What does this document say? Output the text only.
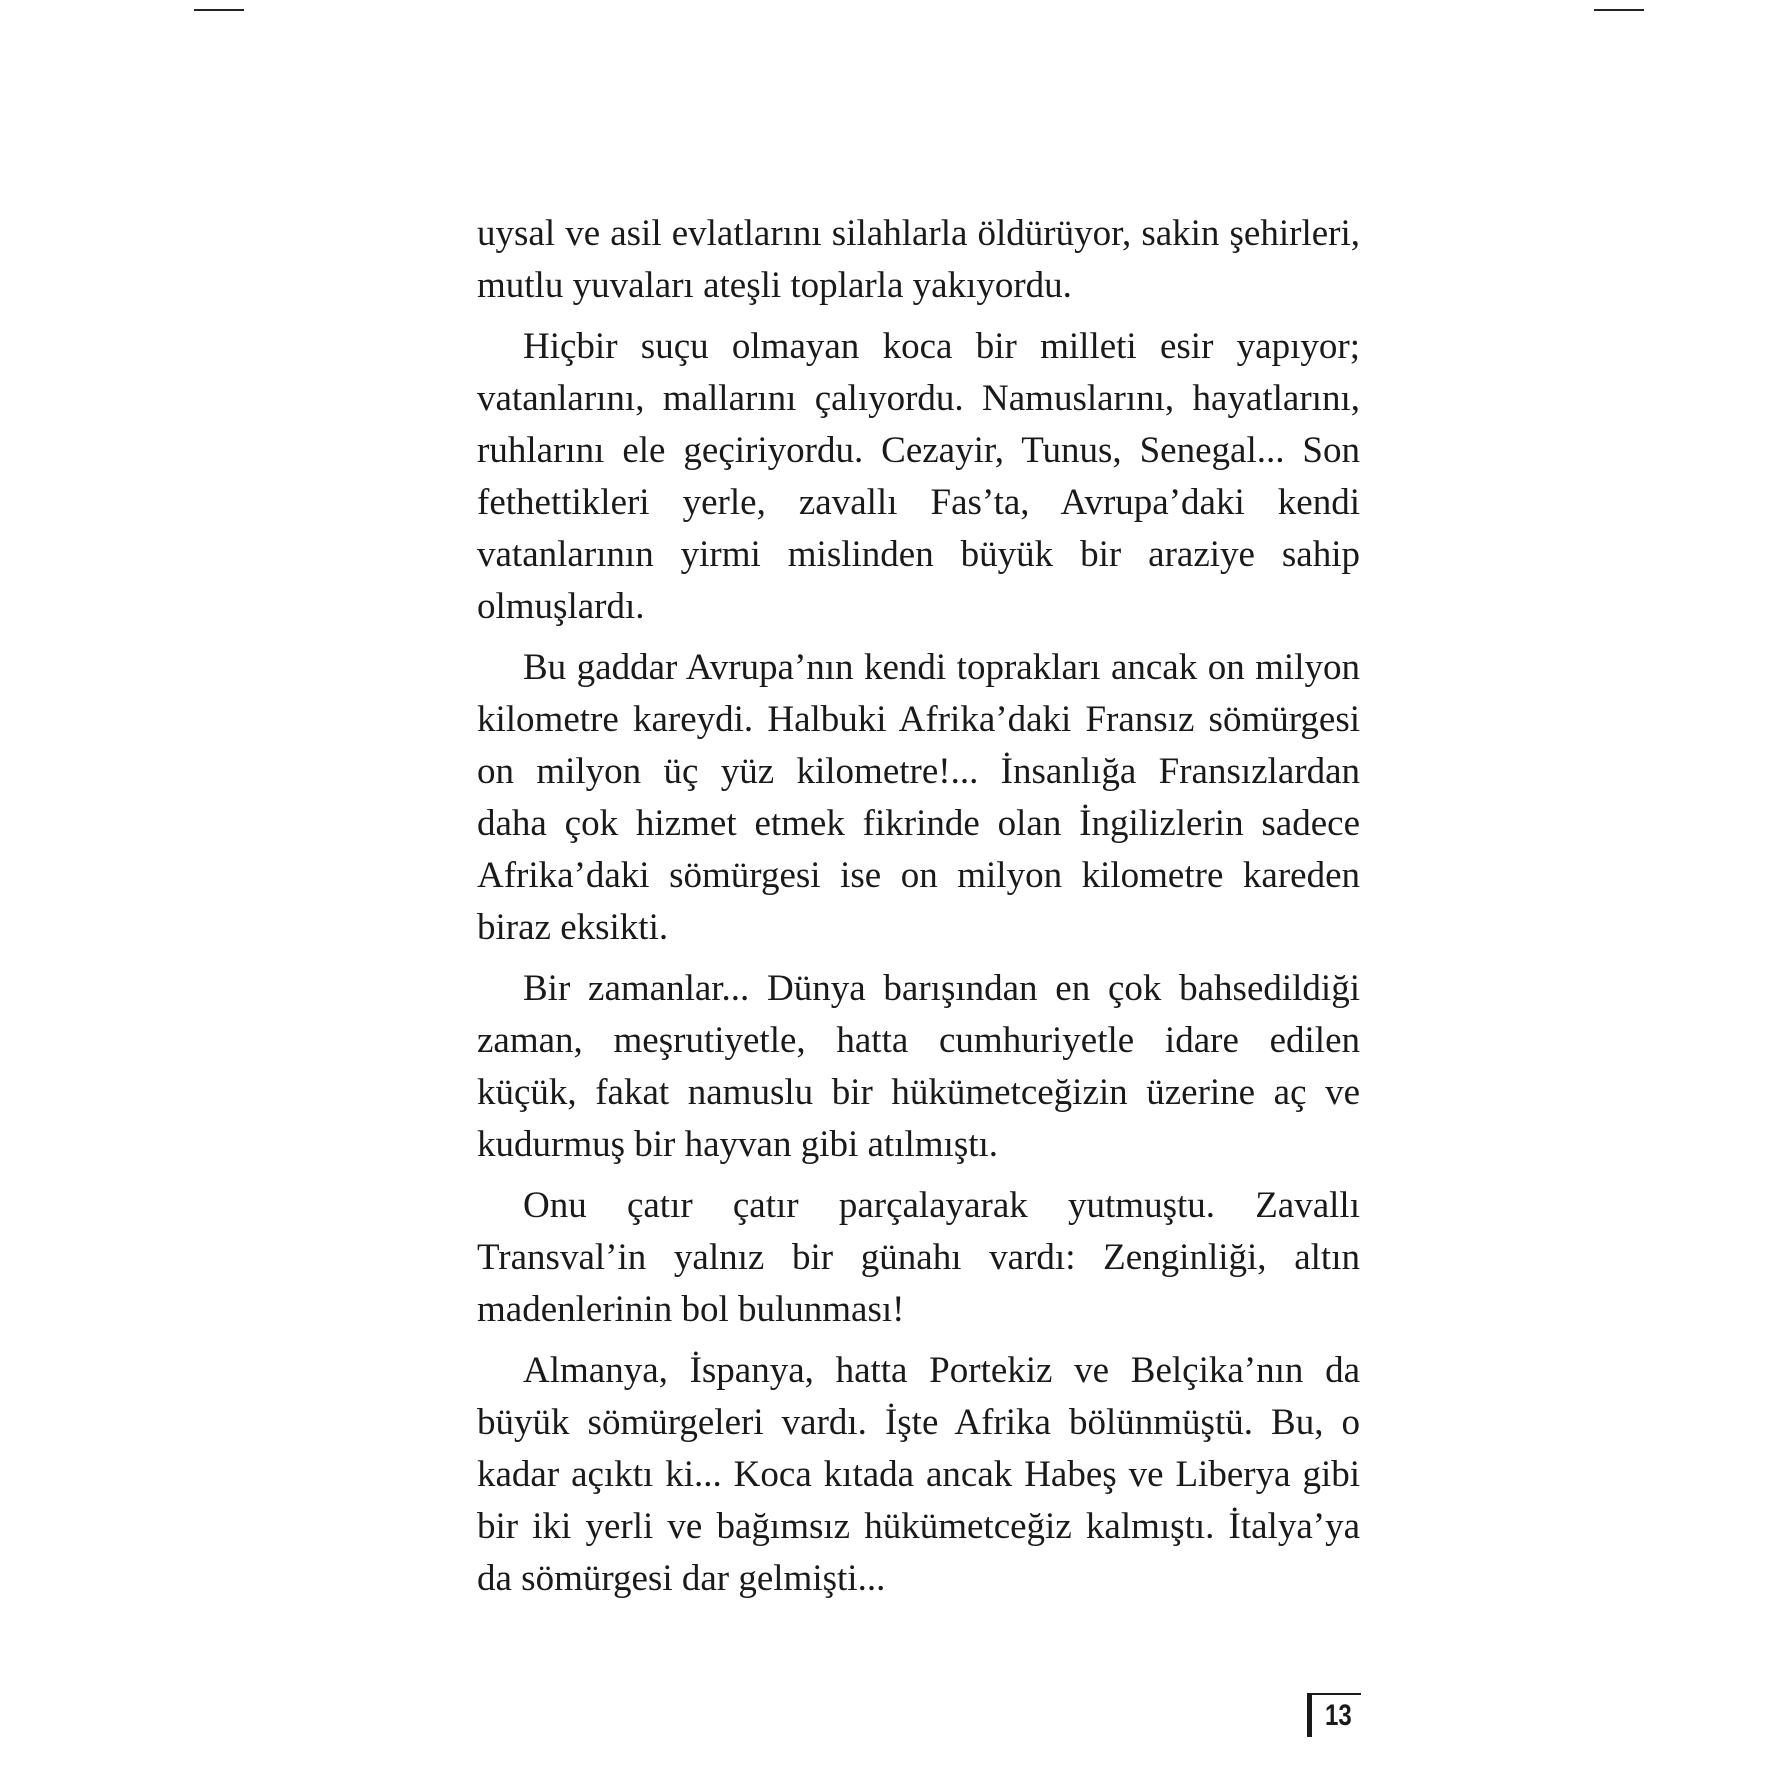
uysal ve asil evlatlarını silahlarla öldürüyor, sakin şehirleri, mutlu yuvaları ateşli toplarla yakıyordu.

Hiçbir suçu olmayan koca bir milleti esir yapıyor; vatanlarını, mallarını çalıyordu. Namuslarını, hayatlarını, ruhlarını ele geçiriyordu. Cezayir, Tunus, Senegal... Son fethettikleri yerle, zavallı Fas’ta, Avrupa’daki kendi vatanlarının yirmi mislinden büyük bir araziye sahip olmuşlardı.

Bu gaddar Avrupa’nın kendi toprakları ancak on milyon kilometre kareydi. Halbuki Afrika’daki Fransız sömürgesi on milyon üç yüz kilometre!... İnsanlığa Fransızlardan daha çok hizmet etmek fikrinde olan İngilizlerin sadece Afrika’daki sömürgesi ise on milyon kilometre kareden biraz eksikti.

Bir zamanlar... Dünya barışından en çok bahsedildiği zaman, meşrutiyetle, hatta cumhuriyetle idare edilen küçük, fakat namuslu bir hükümetceğizin üzerine aç ve kudurmuş bir hayvan gibi atılmıştı.

Onu çatır çatır parçalayarak yutmuştu. Zavallı Transval’in yalnız bir günahı vardı: Zenginliği, altın madenlerinin bol bulunması!

Almanya, İspanya, hatta Portekiz ve Belçika’nın da büyük sömürgeleri vardı. İşte Afrika bölünmüştü. Bu, o kadar açıktı ki... Koca kıtada ancak Habeş ve Liberya gibi bir iki yerli ve bağımsız hükümetceğiz kalmıştı. İtalya’ya da sömürgesi dar gelmişti...

13
